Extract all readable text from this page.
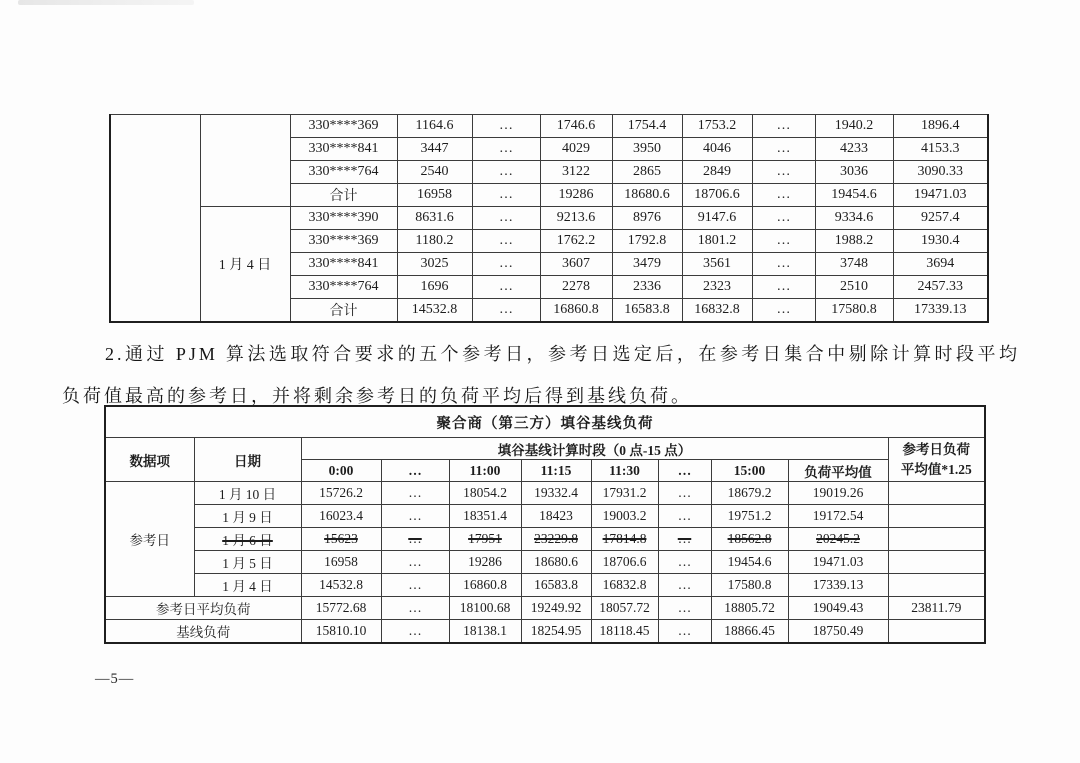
		330****369	1164.6	…	1746.6	1754.4	1753.2	…	1940.2	1896.4
		330****841	3447	…	4029	3950	4046	…	4233	4153.3
		330****764	2540	…	3122	2865	2849	…	3036	3090.33
		合计	16958	…	19286	18680.6	18706.6	…	19454.6	19471.03
	1 月 4 日	330****390	8631.6	…	9213.6	8976	9147.6	…	9334.6	9257.4
		330****369	1180.2	…	1762.2	1792.8	1801.2	…	1988.2	1930.4
		330****841	3025	…	3607	3479	3561	…	3748	3694
		330****764	1696	…	2278	2336	2323	…	2510	2457.33
		合计	14532.8	…	16860.8	16583.8	16832.8	…	17580.8	17339.13
2.通过 PJM 算法选取符合要求的五个参考日，参考日选定后，在参考日集合中剔除计算时段平均
负荷值最高的参考日，并将剩余参考日的负荷平均后得到基线负荷。
聚合商（第三方）填谷基线负荷										
数据项	日期	填谷基线计算时段（0 点-15 点）								参考日负荷
平均值*1.25
		0:00	…	11:00	11:15	11:30	…	15:00	负荷平均值	
参考日	1 月 10 日	15726.2	…	18054.2	19332.4	17931.2	…	18679.2	19019.26	
	1 月 9 日	16023.4	…	18351.4	18423	19003.2	…	19751.2	19172.54	
	1 月 6 日	15623	…	17951	23229.8	17814.8	…	18562.8	20245.2	
	1 月 5 日	16958	…	19286	18680.6	18706.6	…	19454.6	19471.03	
	1 月 4 日	14532.8	…	16860.8	16583.8	16832.8	…	17580.8	17339.13	
参考日平均负荷		15772.68	…	18100.68	19249.92	18057.72	…	18805.72	19049.43	23811.79
基线负荷		15810.10	…	18138.1	18254.95	18118.45	…	18866.45	18750.49	
—5—
